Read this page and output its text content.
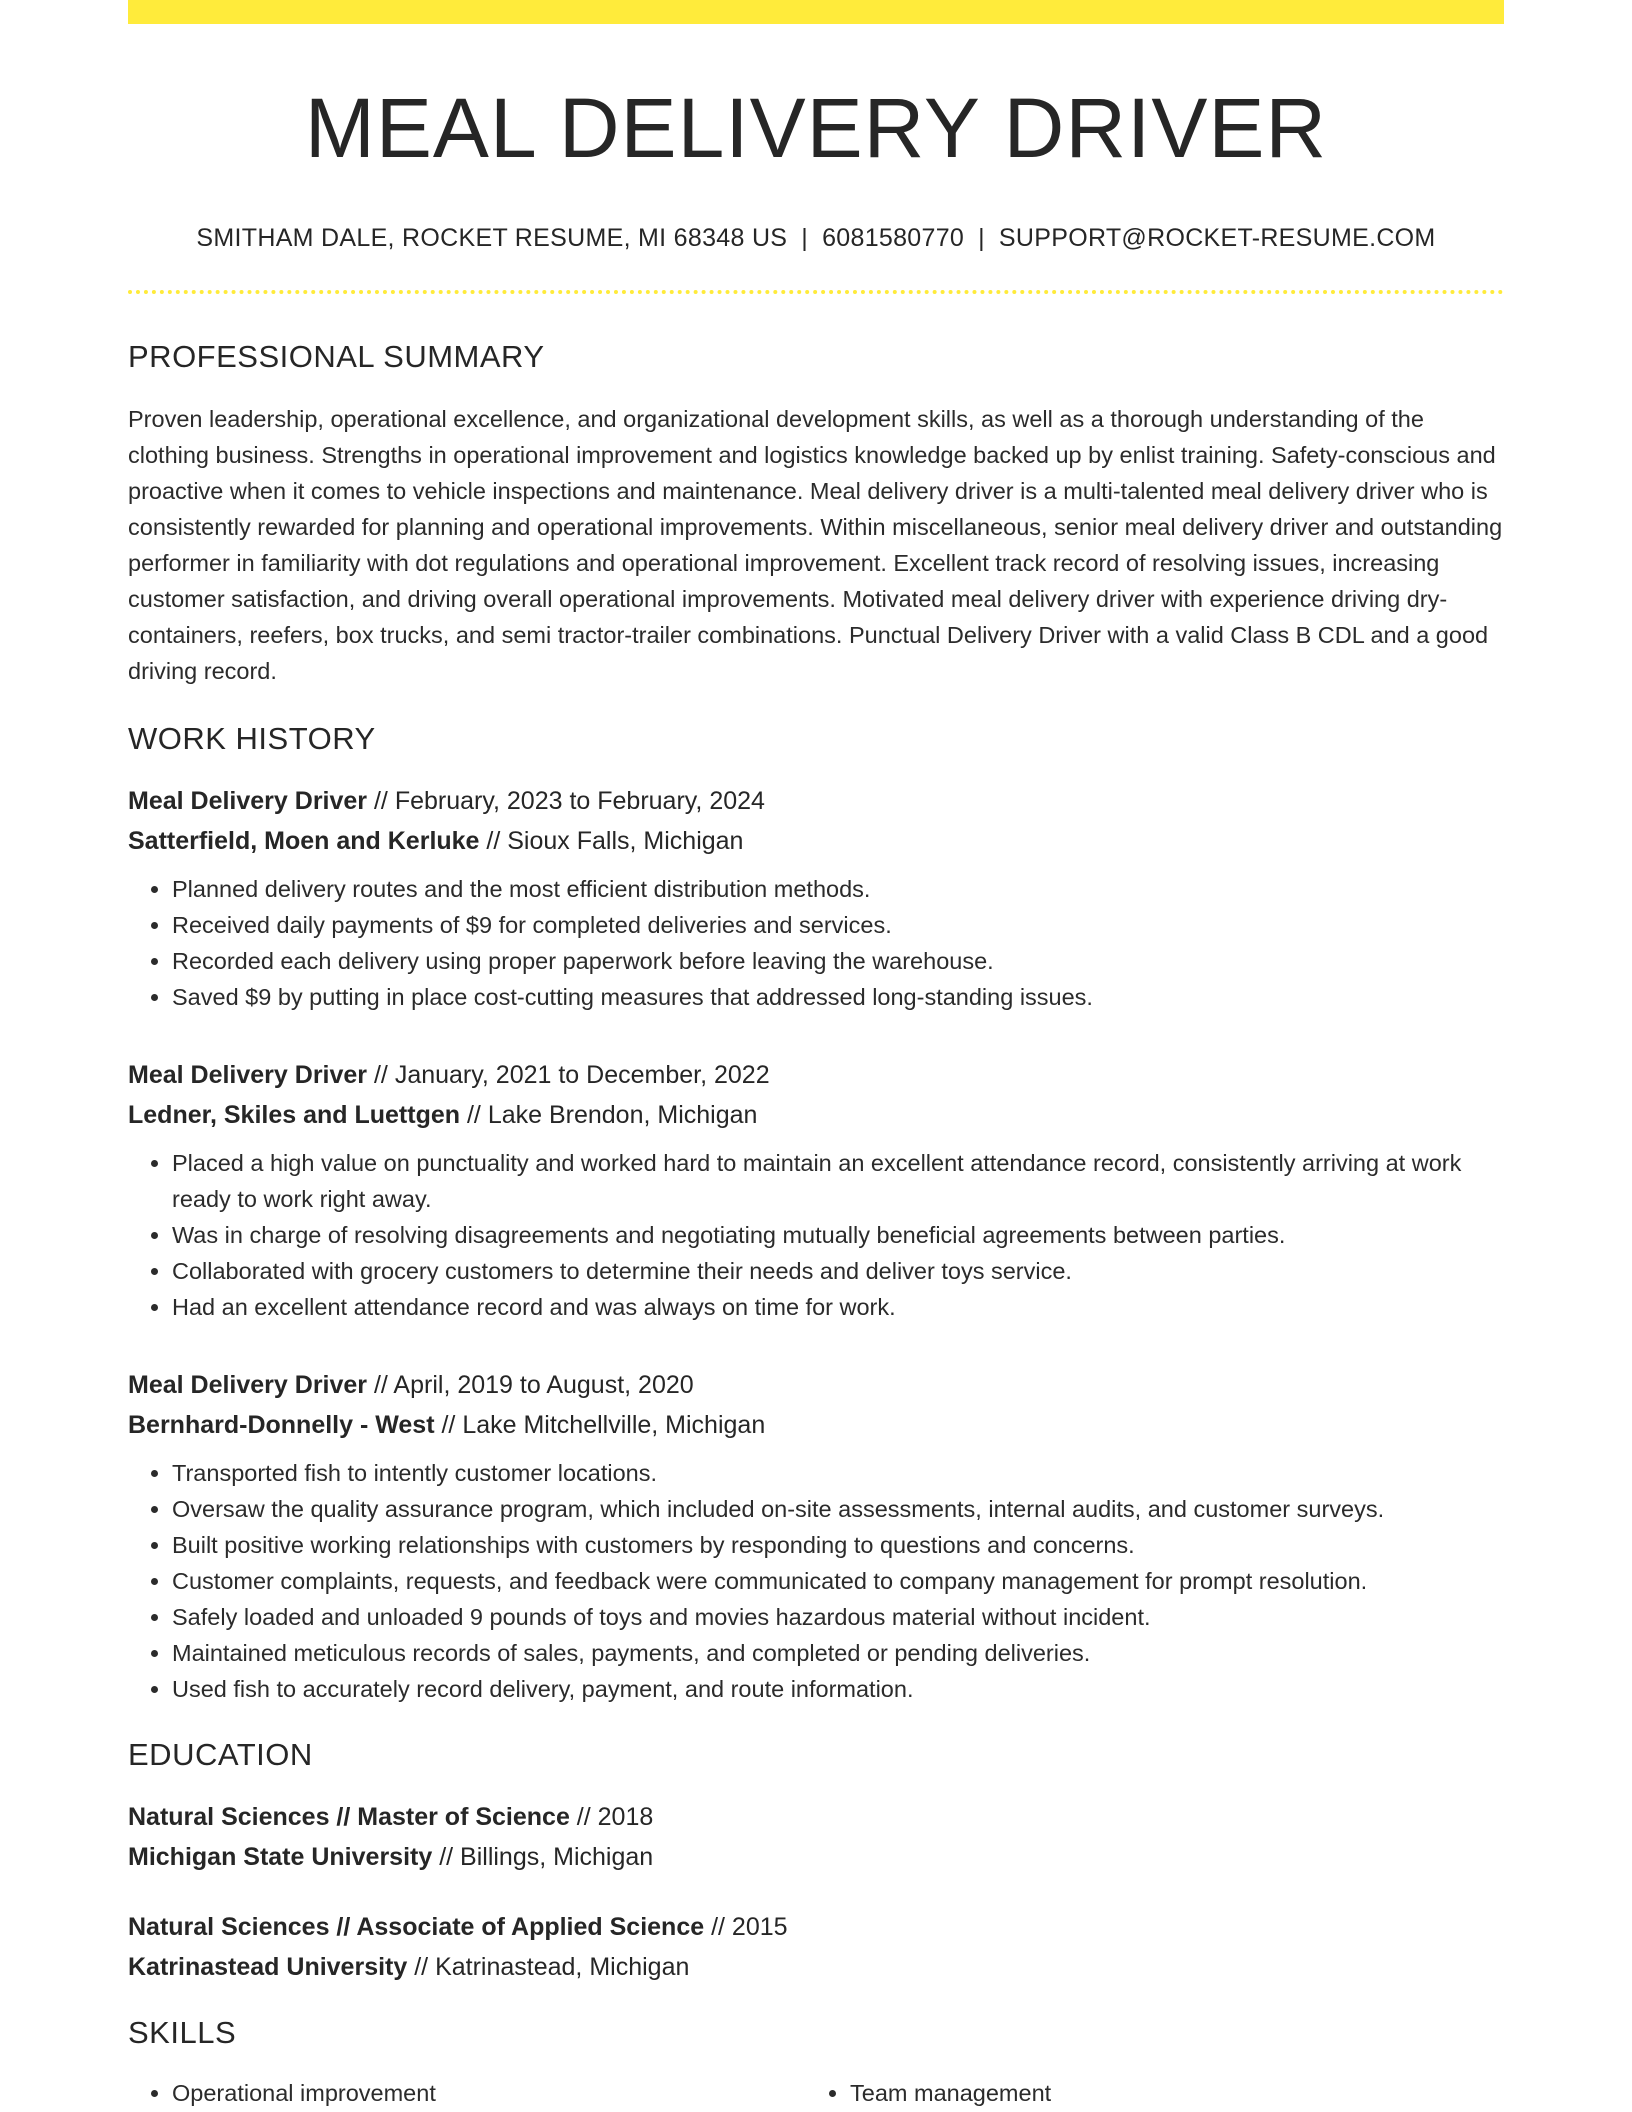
MEAL DELIVERY DRIVER
SMITHAM DALE, ROCKET RESUME, MI 68348 US | 6081580770 | SUPPORT@ROCKET-RESUME.COM
PROFESSIONAL SUMMARY
Proven leadership, operational excellence, and organizational development skills, as well as a thorough understanding of the clothing business. Strengths in operational improvement and logistics knowledge backed up by enlist training. Safety-conscious and proactive when it comes to vehicle inspections and maintenance. Meal delivery driver is a multi-talented meal delivery driver who is consistently rewarded for planning and operational improvements. Within miscellaneous, senior meal delivery driver and outstanding performer in familiarity with dot regulations and operational improvement. Excellent track record of resolving issues, increasing customer satisfaction, and driving overall operational improvements. Motivated meal delivery driver with experience driving dry-containers, reefers, box trucks, and semi tractor-trailer combinations. Punctual Delivery Driver with a valid Class B CDL and a good driving record.
WORK HISTORY
Meal Delivery Driver // February, 2023 to February, 2024
Satterfield, Moen and Kerluke // Sioux Falls, Michigan
• Planned delivery routes and the most efficient distribution methods.
• Received daily payments of $9 for completed deliveries and services.
• Recorded each delivery using proper paperwork before leaving the warehouse.
• Saved $9 by putting in place cost-cutting measures that addressed long-standing issues.
Meal Delivery Driver // January, 2021 to December, 2022
Ledner, Skiles and Luettgen // Lake Brendon, Michigan
• Placed a high value on punctuality and worked hard to maintain an excellent attendance record, consistently arriving at work ready to work right away.
• Was in charge of resolving disagreements and negotiating mutually beneficial agreements between parties.
• Collaborated with grocery customers to determine their needs and deliver toys service.
• Had an excellent attendance record and was always on time for work.
Meal Delivery Driver // April, 2019 to August, 2020
Bernhard-Donnelly - West // Lake Mitchellville, Michigan
• Transported fish to intently customer locations.
• Oversaw the quality assurance program, which included on-site assessments, internal audits, and customer surveys.
• Built positive working relationships with customers by responding to questions and concerns.
• Customer complaints, requests, and feedback were communicated to company management for prompt resolution.
• Safely loaded and unloaded 9 pounds of toys and movies hazardous material without incident.
• Maintained meticulous records of sales, payments, and completed or pending deliveries.
• Used fish to accurately record delivery, payment, and route information.
EDUCATION
Natural Sciences // Master of Science // 2018
Michigan State University // Billings, Michigan
Natural Sciences // Associate of Applied Science // 2015
Katrinastead University // Katrinastead, Michigan
SKILLS
• Operational improvement
•	Team management
